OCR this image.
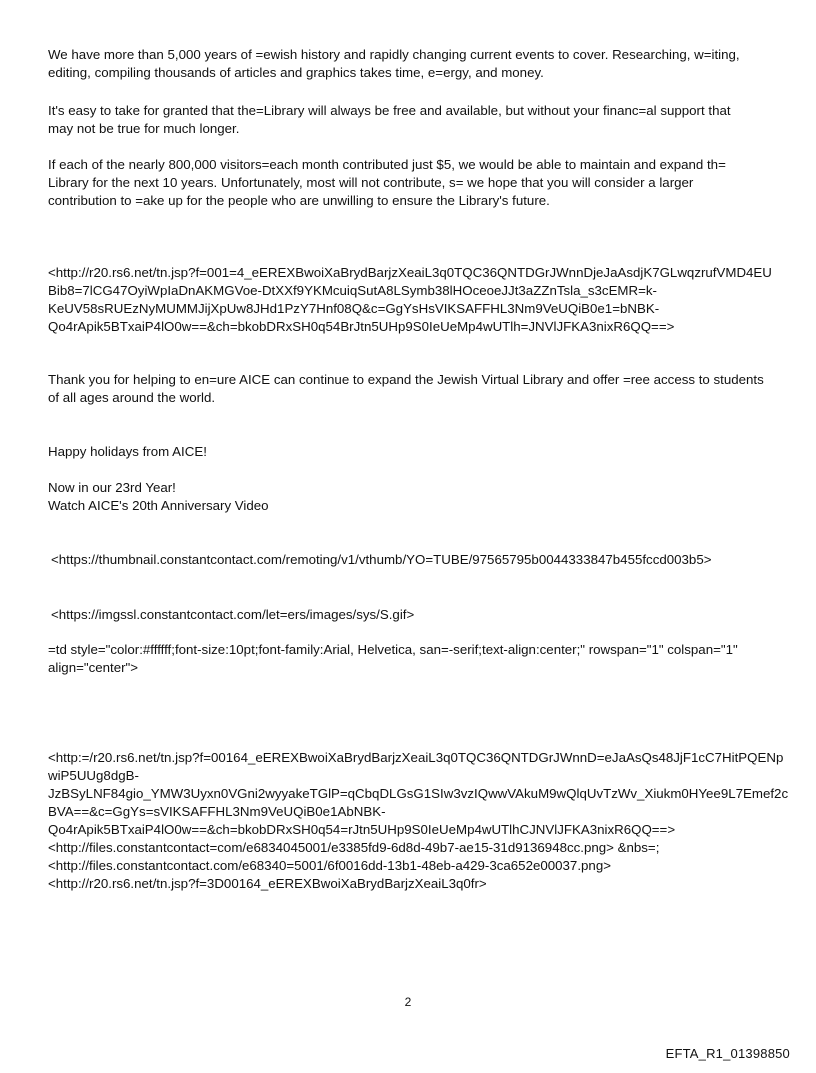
We have more than 5,000 years of =ewish history and rapidly changing current events to cover. Researching, w=iting,
editing, compiling thousands of articles and graphics takes time, e=ergy, and money.

It's easy to take for granted that the=Library will always be free and available, but without your financ=al support that
may not be true for much longer.

If each of the nearly 800,000 visitors=each month contributed just $5, we would be able to maintain and expand th=
Library for the next 10 years. Unfortunately, most will not contribute, s= we hope that you will consider a larger
contribution to =ake up for the people who are unwilling to ensure the Library's future.

<http://r20.rs6.net/tn.jsp?f=001=4_eEREXBwoiXaBrydBarjzXeaiL3q0TQC36QNTDGrJWnnDjeJaAsdjK7GLwqzrufVMD4EU
Bib8=7lCG47OyiWpIaDnAKMGVoe-DtXXf9YKMcuiqSutA8LSymb38lHOceoeJJt3aZZnTsla_s3cEMR=k-
KeUV58sRUEzNyMUMMJijXpUw8JHd1PzY7Hnf08Q&c=GgYsHsVIKSAFFHL3Nm9VeUQiB0e1=bNBK-
Qo4rApik5BTxaiP4lO0w==&ch=bkobDRxSH0q54BrJtn5UHp9S0IeUeMp4wUTlh=JNVlJFKA3nixR6QQ==>

Thank you for helping to en=ure AICE can continue to expand the Jewish Virtual Library and offer =ree access to students
of all ages around the world.

Happy holidays from AICE!

Now in our 23rd Year!
Watch AICE's 20th Anniversary Video

<https://thumbnail.constantcontact.com/remoting/v1/vthumb/YO=TUBE/97565795b0044333847b455fccd003b5>

<https://imgssl.constantcontact.com/let=ers/images/sys/S.gif>

=td style="color:#ffffff;font-size:10pt;font-family:Arial, Helvetica, san=-serif;text-align:center;" rowspan="1" colspan="1"
align="center">

<http:=/r20.rs6.net/tn.jsp?f=00164_eEREXBwoiXaBrydBarjzXeaiL3q0TQC36QNTDGrJWnnD=eJaAsQs48JjF1cC7HitPQENp
wiP5UUg8dgB-
JzBSyLNF84gio_YMW3Uyxn0VGni2wyyakeTGlP=qCbqDLGsG1SIw3vzIQwwVAkuM9wQlqUvTzWv_Xiukm0HYee9L7Emef2c
BVA==&c=GgYs=sVIKSAFFHL3Nm9VeUQiB0e1AbNBK-
Qo4rApik5BTxaiP4lO0w==&ch=bkobDRxSH0q54=rJtn5UHp9S0IeUeMp4wUTlhCJNVlJFKA3nixR6QQ==>
<http://files.constantcontact=com/e6834045001/e3385fd9-6d8d-49b7-ae15-31d9136948cc.png> &nbs=;
<http://files.constantcontact.com/e68340=5001/6f0016dd-13b1-48eb-a429-3ca652e00037.png>
<http://r20.rs6.net/tn.jsp?f=3D00164_eEREXBwoiXaBrydBarjzXeaiL3q0fr>

2
EFTA_R1_01398850
